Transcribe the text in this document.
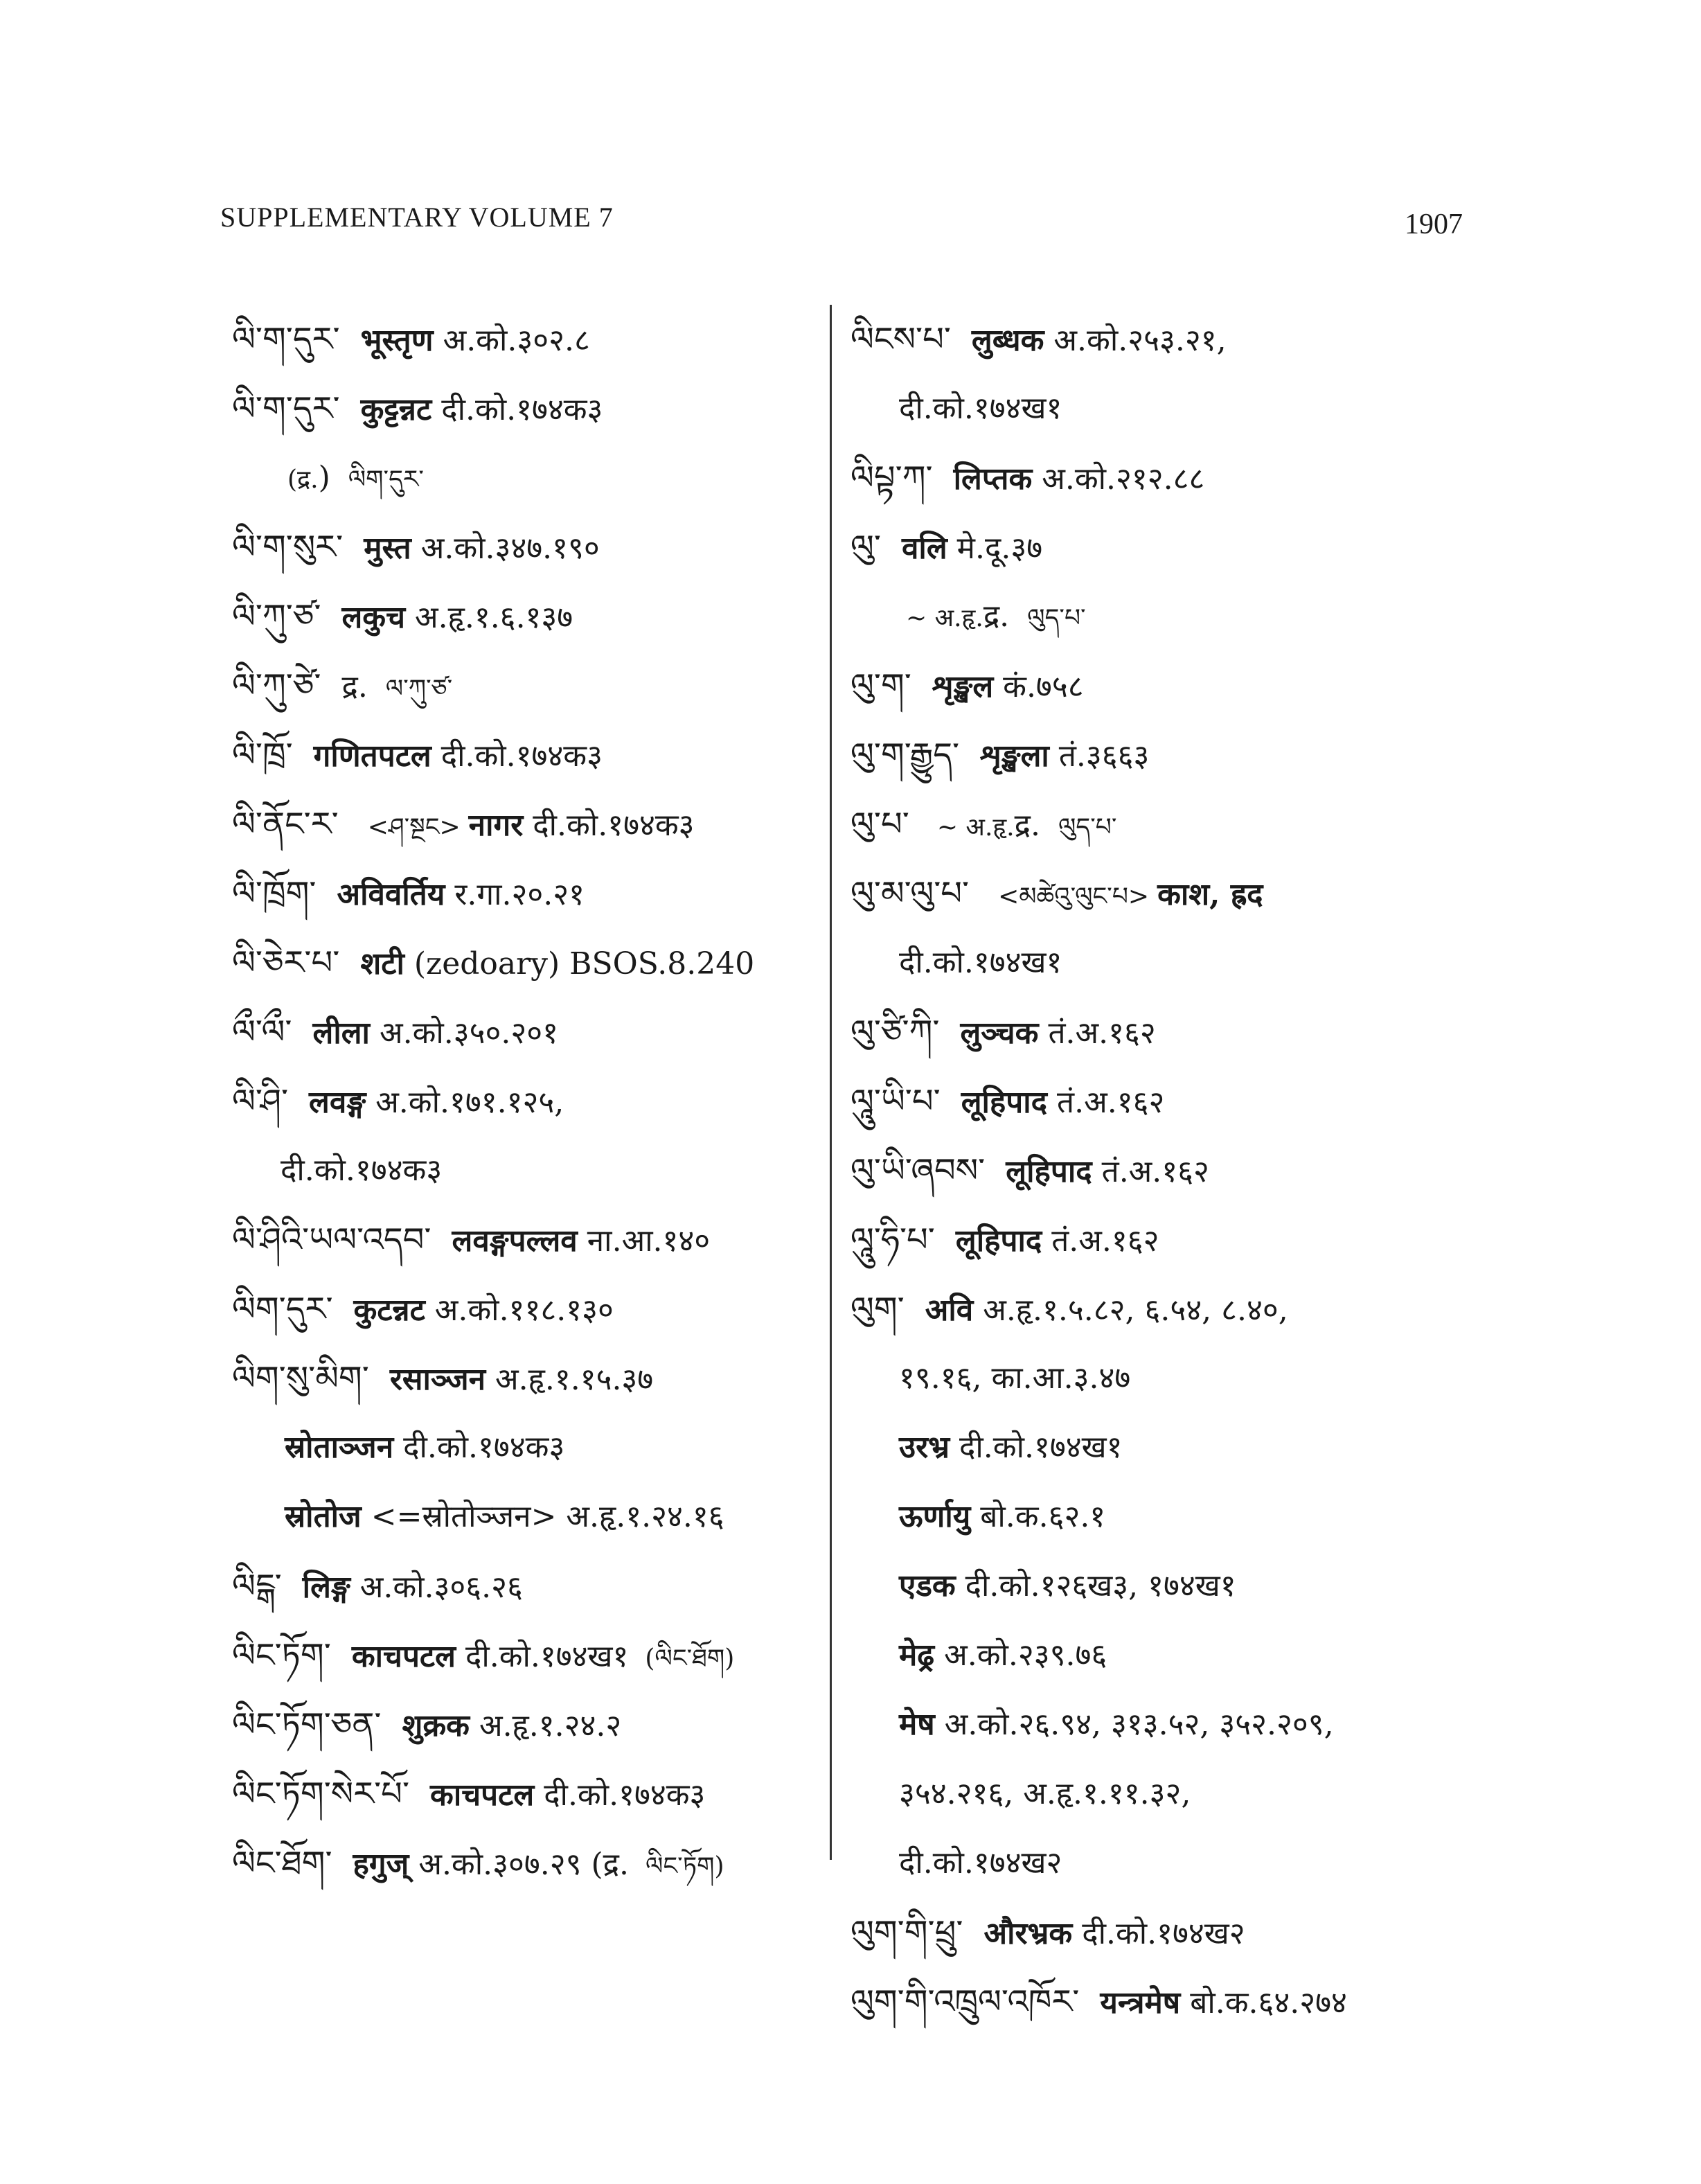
SUPPLEMENTARY VOLUME 7	1907
ལི་ག་དུར་ भूस्तृण अ.को.३०२.८
ལི་ག་དུར་ कुट्टन्नट दी.को.१७४क३
(द्र.) ལིག་དུར་
ལི་ག་སུར་ मुस्त अ.को.३४७.१९०
ལི་ཀུ་ཙ་ लकुच अ.हृ.१.६.१३७
ལི་ཀུ་ཙེ་ द्र. ལ་ཀུ་ཙ་
ལི་ཁྲོ་ गणितपटल दी.को.१७४क३
ལི་ནོང་ར་ <ཤ་སྔང> नागर दी.को.१७४क३
ལི་ཁྲོག་ अविवर्तिय र.गा.२०.२१
ལི་ཅེར་པ་ शटी (zedoary) BSOS.8.240
ལྀ་ལྀ་ लीला अ.को.३५०.२०१
ལི་ཤི་ लवङ्ग अ.को.१७१.१२५,
दी.को.१७४क३
ལི་ཤིའི་ཡལ་འདབ་ लवङ्गपल्लव ना.आ.१४०
ལིག་དུར་ कुटन्नट अ.को.११८.१३०
ལིག་སུ་མིག་ रसाञ्जन अ.हृ.१.१५.३७
स्रोताञ्जन दी.को.१७४क३
स्रोतोज <=स्रोतोञ्जन> अ.हृ.१.२४.१६
ལིངྒ་ लिङ्ग अ.को.३०६.२६
ལིང་ཏོག་ काचपटल दी.को.१७४ख१ (ལིང་ཐོག)
ལིང་ཏོག་ཅན་ शुक्रक अ.हृ.१.२४.२
ལིང་ཏོག་སེར་པོ་ काचपटल दी.को.१७४क३
ལིང་ཐོག་ हगुज् अ.को.३०७.२९ (द्र. ལིང་ཏོག)
ལིངས་པ་ लुब्धक अ.को.२५३.२१,
दी.को.१७४ख१
ལིཔྟ་ཀ་ लिप्तक अ.को.२१२.८८
ལུ་ वलि मे.दू.३७
~ अ.हृ.द्र. ལུད་པ་
ལུ་ག་ शृङ्खल कं.७५८
ལུ་ག་རྒྱུད་ शृङ्खला तं.३६६३
ལུ་པ་ ~ अ.हृ.द्र. ལུད་པ་
ལུ་མ་ལུ་པ་ <མཚེའུ་ལུང་པ> काश, ह्रद
दी.को.१७४ख१
ལུ་ཙི་ཀི་ लुञ्चक तं.अ.१६२
ལཱུ་ཡི་པ་ लूहिपाद तं.अ.१६२
ལུ་ཡི་ཞབས་ लूहिपाद तं.अ.१६२
ལཱུ་ཧི་པ་ लूहिपाद तं.अ.१६२
ལུག་ अवि अ.हृ.१.५.८२, ६.५४, ८.४०,
१९.१६, का.आ.३.४७
उरभ्र दी.को.१७४ख१
ऊर्णायु बो.क.६२.१
एडक दी.को.१२६ख३, १७४ख१
मेढ्र अ.को.२३९.७६
मेष अ.को.२६.९४, ३१३.५२, ३५२.२०९,
३५४.२१६, अ.हृ.१.११.३२,
दी.को.१७४ख२
ལུག་གི་ཕྲུ་ औरभ्रक दी.को.१७४ख२
ལུག་གི་འཁྲུལ་འཁོར་ यन्त्रमेष बो.क.६४.२७४
